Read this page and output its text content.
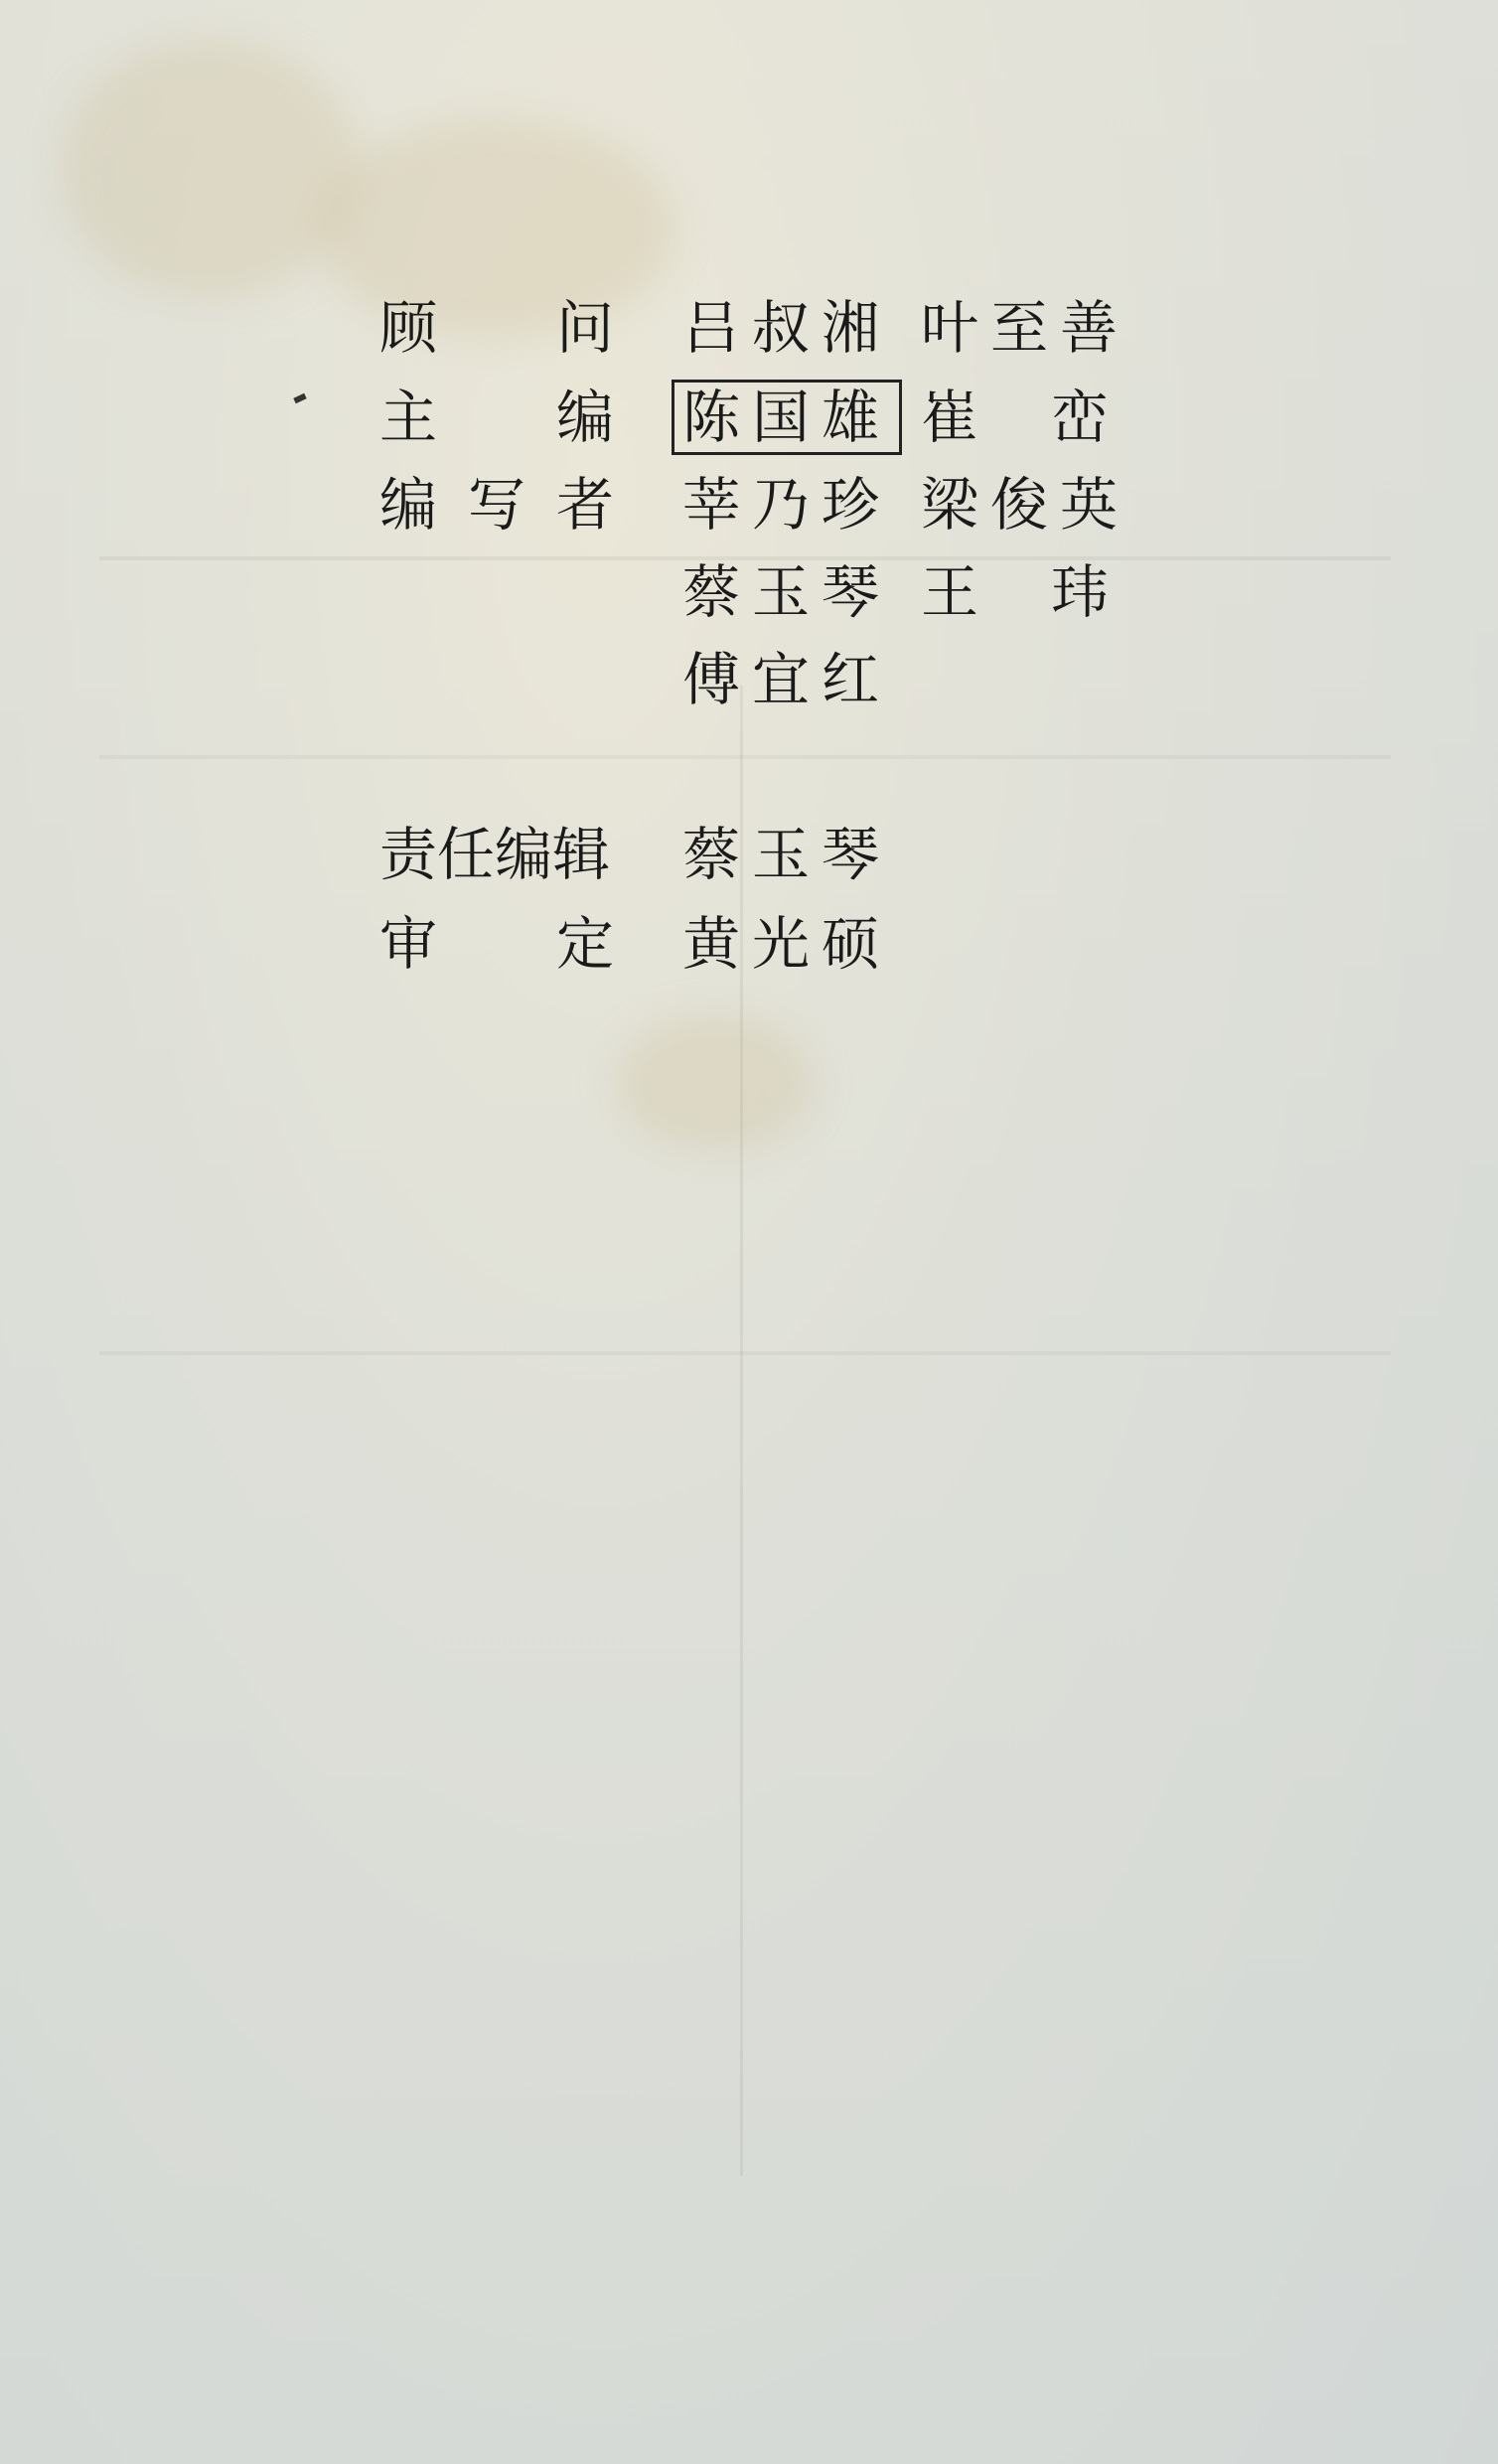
顾 问 吕叔湘 叶至善
主 编 陈国雄 崔  峦
编 写 者 莘乃珍 梁俊英
蔡玉琴 王  玮
傅宜红
责 任 编 辑 蔡玉琴
审 定 黄光硕
